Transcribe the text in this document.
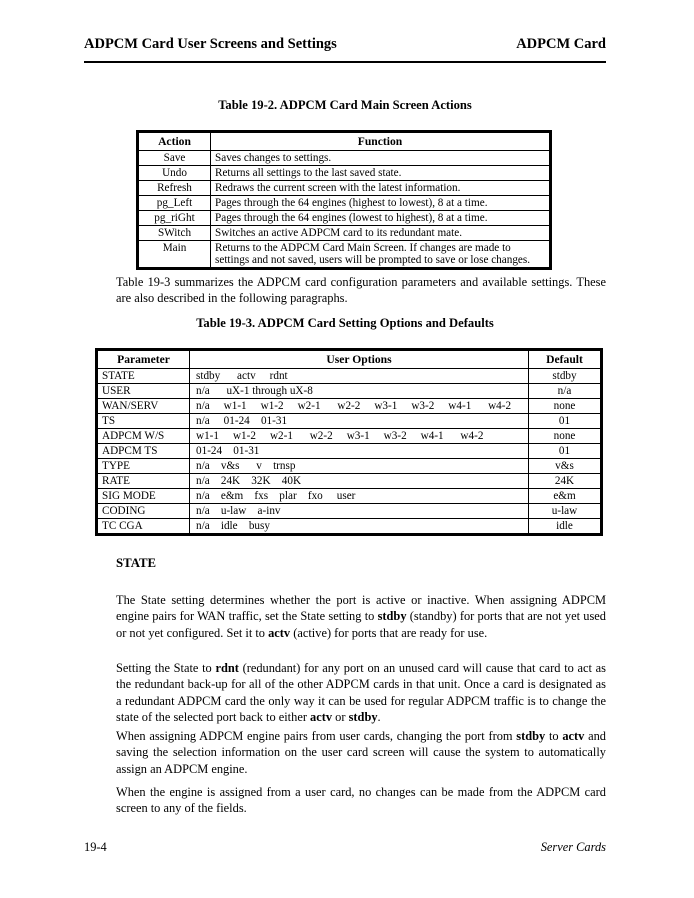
ADPCM Card User Screens and Settings	ADPCM Card
Table 19-2. ADPCM Card Main Screen Actions
Action	Function
Save	Saves changes to settings.
Undo	Returns all settings to the last saved state.
Refresh	Redraws the current screen with the latest information.
pg_Left	Pages through the 64 engines (highest to lowest), 8 at a time.
pg_riGht	Pages through the 64 engines (lowest to highest), 8 at a time.
SWitch	Switches an active ADPCM card to its redundant mate.
Main	Returns to the ADPCM Card Main Screen. If changes are made to settings and not saved, users will be prompted to save or lose changes.
Table 19-3 summarizes the ADPCM card configuration parameters and available settings. These are also described in the following paragraphs.
Table 19-3. ADPCM Card Setting Options and Defaults
Parameter	User Options	Default
STATE	stdby      actv     rdnt	stdby
USER	n/a      uX-1 through uX-8	n/a
WAN/SERV	n/a     w1-1     w1-2     w2-1      w2-2     w3-1     w3-2     w4-1      w4-2	none
TS	n/a     01-24    01-31	01
ADPCM W/S	w1-1     w1-2     w2-1      w2-2     w3-1     w3-2     w4-1      w4-2	none
ADPCM TS	01-24    01-31	01
TYPE	n/a    v&s      v    trnsp	v&s
RATE	n/a    24K    32K    40K	24K
SIG MODE	n/a    e&m    fxs    plar    fxo     user	e&m
CODING	n/a    u-law    a-inv	u-law
TC CGA	n/a    idle    busy	idle
STATE
The State setting determines whether the port is active or inactive. When assigning ADPCM engine pairs for WAN traffic, set the State setting to stdby (standby) for ports that are not yet used or not yet configured. Set it to actv (active) for ports that are ready for use.
Setting the State to rdnt (redundant) for any port on an unused card will cause that card to act as the redundant back-up for all of the other ADPCM cards in that unit. Once a card is designated as a redundant ADPCM card the only way it can be used for regular ADPCM traffic is to change the state of the selected port back to either actv or stdby.
When assigning ADPCM engine pairs from user cards, changing the port from stdby to actv and saving the selection information on the user card screen will cause the system to automatically assign an ADPCM engine.
When the engine is assigned from a user card, no changes can be made from the ADPCM card screen to any of the fields.
19-4	Server Cards
